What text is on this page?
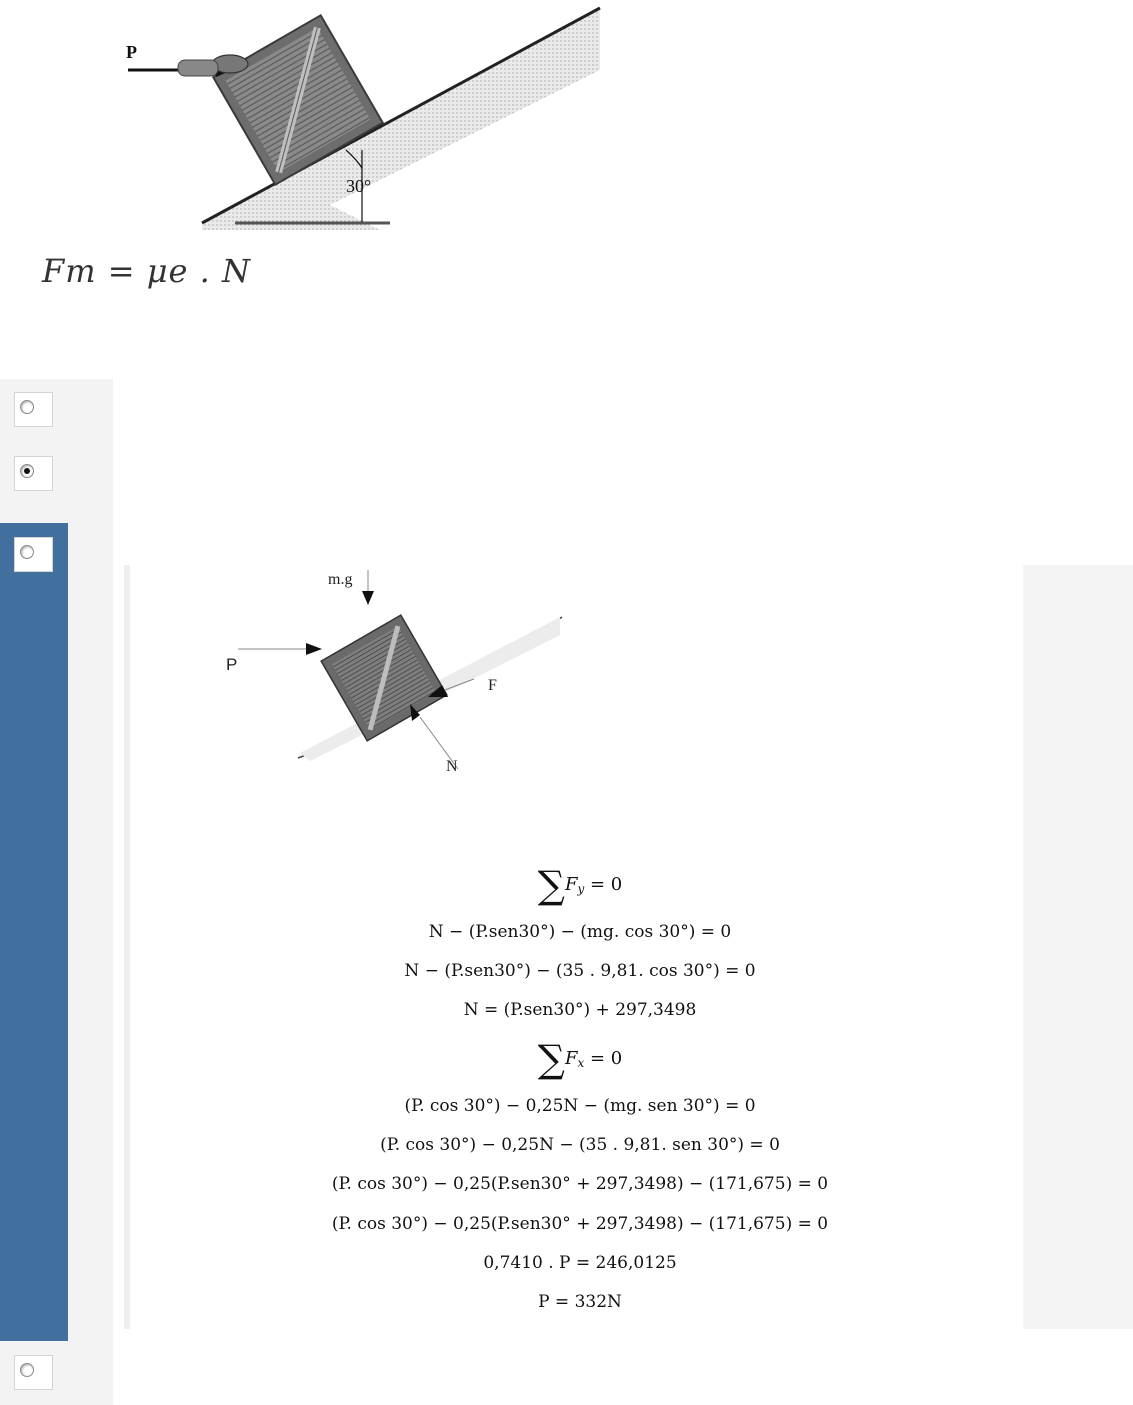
P
30°
Fm = μe . N
m.g
P
F
N
$\sum F_y = 0$
N − (P.sen30°) − (mg. cos 30°) = 0
N − (P.sen30°) − (35 . 9,81. cos 30°) = 0
N = (P.sen30°) + 297,3498
$\sum F_x = 0$
(P. cos 30°) − 0,25N − (mg. sen 30°) = 0
(P. cos 30°) − 0,25N − (35 . 9,81. sen 30°) = 0
(P. cos 30°) − 0,25(P.sen30° + 297,3498) − (171,675) = 0
(P. cos 30°) − 0,25(P.sen30° + 297,3498) − (171,675) = 0
0,7410 . P = 246,0125
P = 332N
